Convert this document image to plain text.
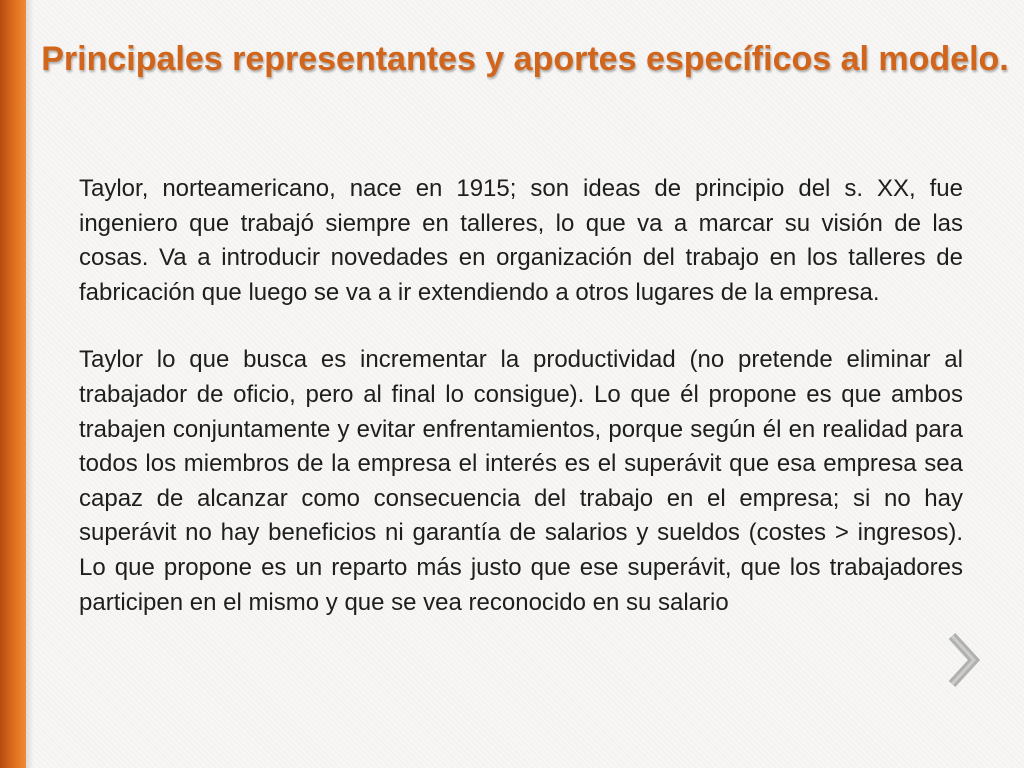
Principales representantes y aportes específicos al modelo.

Taylor, norteamericano, nace en 1915; son ideas de principio del s. XX, fue ingeniero que trabajó siempre en talleres, lo que va a marcar su visión de las cosas. Va a introducir novedades en organización del trabajo en los talleres de fabricación que luego se va a ir extendiendo a otros lugares de la empresa.

Taylor lo que busca es incrementar la productividad (no pretende eliminar al trabajador de oficio, pero al final lo consigue). Lo que él propone es que ambos trabajen conjuntamente y evitar enfrentamientos, porque según él en realidad para todos los miembros de la empresa el interés es el superávit que esa empresa sea capaz de alcanzar como consecuencia del trabajo en el empresa; si no hay superávit no hay beneficios ni garantía de salarios y sueldos (costes > ingresos). Lo que propone es un reparto más justo que ese superávit, que los trabajadores participen en el mismo y que se vea reconocido en su salario
